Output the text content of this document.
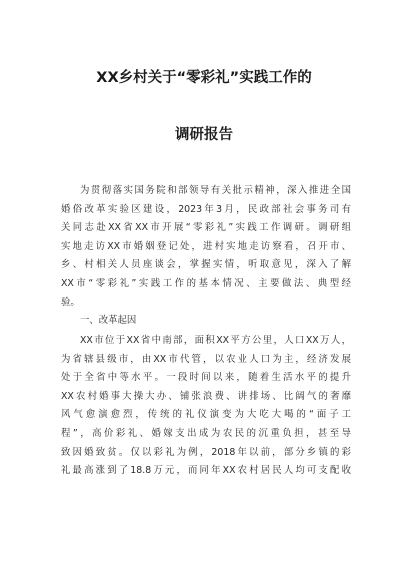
XX乡村关于“零彩礼”实践工作的
调研报告
为贯彻落实国务院和部领导有关批示精神，深入推进全国
婚俗改革实验区建设，2023年3月，民政部社会事务司有
关同志赴XX省XX市开展“零彩礼”实践工作调研。调研组
实地走访XX市婚姻登记处，进村实地走访察看，召开市、
乡、村相关人员座谈会，掌握实情，听取意见，深入了解
XX市“零彩礼”实践工作的基本情况、主要做法、典型经
验。
一、改革起因
XX市位于XX省中南部，面积XX平方公里，人口XX万人，
为省辖县级市，由XX市代管，以农业人口为主，经济发展
处于全省中等水平。一段时间以来，随着生活水平的提升
XX农村婚事大操大办、铺张浪费、讲排场、比阔气的奢靡
风气愈演愈烈，传统的礼仪演变为大吃大喝的“面子工
程”，高价彩礼、婚嫁支出成为农民的沉重负担，甚至导
致因婚致贫。仅以彩礼为例，2018年以前，部分乡镇的彩
礼最高涨到了18.8万元，而同年XX农村居民人均可支配收
